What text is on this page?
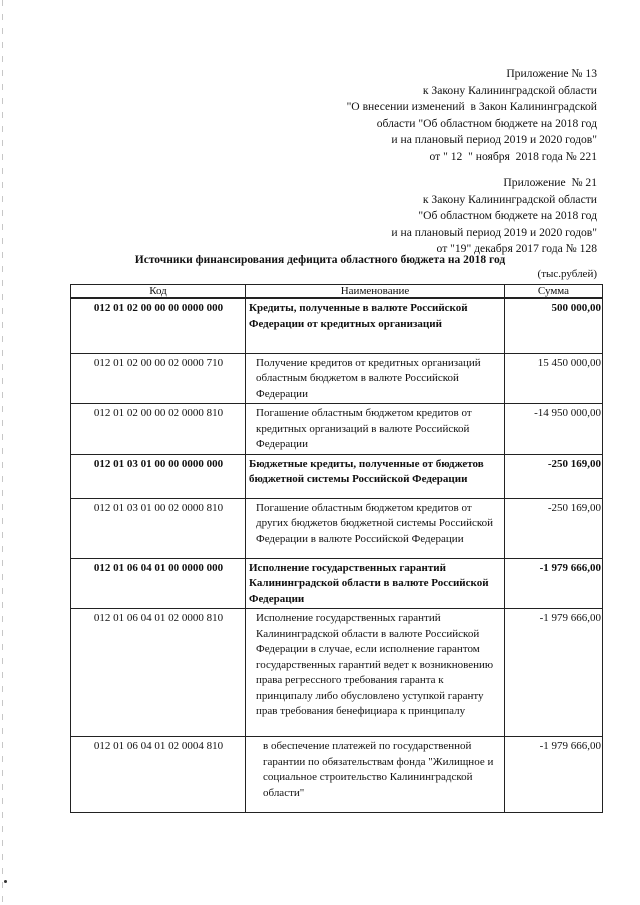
Приложение № 13
к Закону Калининградской области
"О внесении изменений  в Закон Калининградской
области "Об областном бюджете на 2018 год
и на плановый период 2019 и 2020 годов"
от " 12  " ноября  2018 года № 221
Приложение  № 21
к Закону Калининградской области
"Об областном бюджете на 2018 год
и на плановый период 2019 и 2020 годов"
от "19" декабря 2017 года № 128
Источники финансирования дефицита областного бюджета на 2018 год
(тыс.рублей)
Код	Наименование	Сумма
012 01 02 00 00 00 0000 000	Кредиты, полученные в валюте Российской Федерации от кредитных организаций	500 000,00
012 01 02 00 00 02 0000 710	Получение кредитов от кредитных организаций областным бюджетом в валюте Российской Федерации	15 450 000,00
012 01 02 00 00 02 0000 810	Погашение областным бюджетом кредитов от кредитных организаций в валюте Российской Федерации	-14 950 000,00
012 01 03 01 00 00 0000 000	Бюджетные кредиты, полученные от бюджетов бюджетной системы Российской Федерации	-250 169,00
012 01 03 01 00 02 0000 810	Погашение областным бюджетом кредитов от других бюджетов бюджетной системы Российской Федерации в валюте Российской Федерации	-250 169,00
012 01 06 04 01 00 0000 000	Исполнение государственных гарантий Калининградской области в валюте Российской Федерации	-1 979 666,00
012 01 06 04 01 02 0000 810	Исполнение государственных гарантий Калининградской области в валюте Российской Федерации в случае, если исполнение гарантом государственных гарантий ведет к возникновению права регрессного требования гаранта к принципалу либо обусловлено уступкой гаранту прав требования бенефициара к принципалу	-1 979 666,00
012 01 06 04 01 02 0004 810	в обеспечение платежей по государственной гарантии по обязательствам фонда "Жилищное и социальное строительство Калининградской области"	-1 979 666,00
